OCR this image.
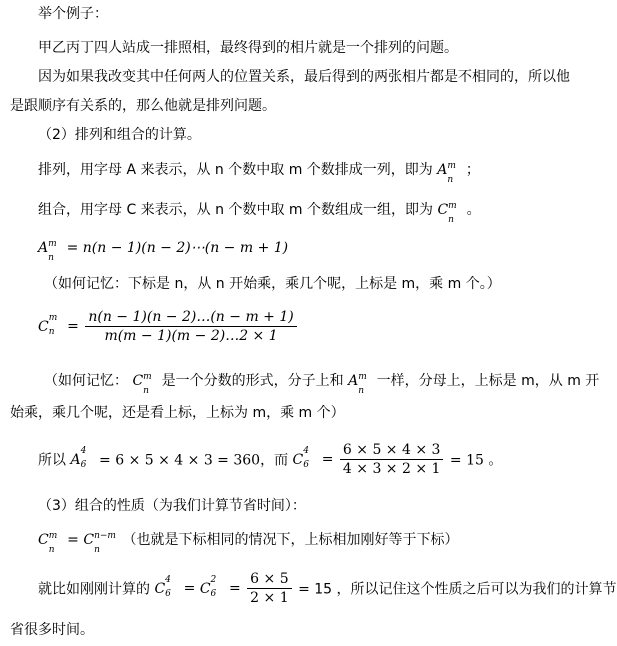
举个例子：
甲乙丙丁四人站成一排照相，最终得到的相片就是一个排列的问题。
因为如果我改变其中任何两人的位置关系，最后得到的两张相片都是不相同的，所以他
是跟顺序有关系的，那么他就是排列问题。
（2）排列和组合的计算。
排列，用字母 A 来表示，从 n 个数中取 m 个数排成一列，即为 A m
n
；
组合，用字母 C 来表示，从 n 个数中取 m 个数组成一组，即为 C m
n
。
A m
n
= n(n − 1)(n − 2)⋯(n − m + 1)
（如何记忆：下标是 n，从 n 开始乘，乘几个呢，上标是 m，乘 m 个。）
C
m
$n = \frac{n(n - 1)(n - 2)\dots(n - m + 1)}{m(m - 1)(m - 2)\dots 2 \times 1}$
（如何记忆： C m
n
是一个分数的形式，分子上和 A m
n
一样，分母上，上标是 m，从 m 开
始乘，乘几个呢，还是看上标，上标为 m，乘 m 个）
所以 A
4
6 = 6 × 5 × 4 × 3 = 360，而 C
4
$6 = \frac{6 \times 5 \times 4 \times 3}{4 \times 3 \times 2 \times 1} = 15$ 。
（3）组合的性质（为我们计算节省时间）：
C m
n
= C n−m
n
（也就是下标相同的情况下，上标相加刚好等于下标）
就比如刚刚计算的 C
4
6 = C
2
$6 = \frac{6 \times 5}{2 \times 1} = 15$ ，所以记住这个性质之后可以为我们的计算节
省很多时间。
